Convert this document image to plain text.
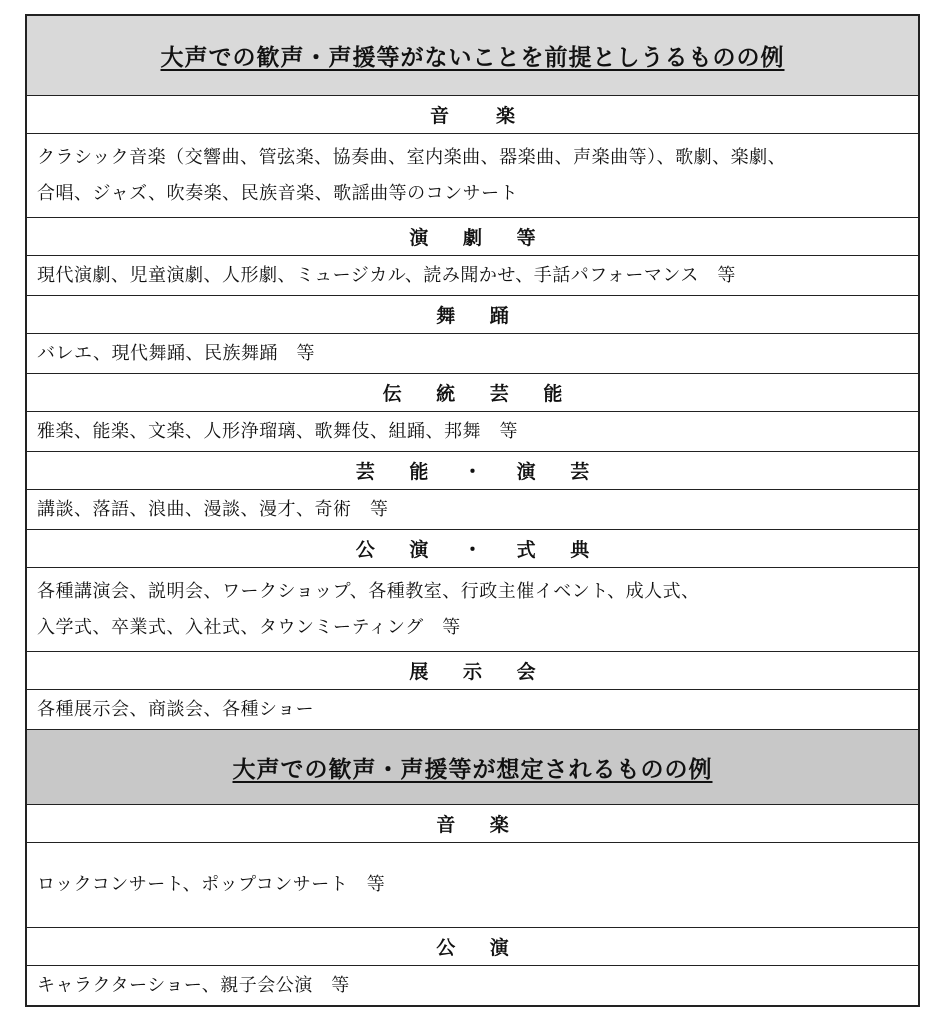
大声での歓声・声援等がないことを前提としうるものの例
音　楽
クラシック音楽（交響曲、管弦楽、協奏曲、室内楽曲、器楽曲、声楽曲等）、歌劇、楽劇、
合唱、ジャズ、吹奏楽、民族音楽、歌謡曲等のコンサート
演 劇 等
現代演劇、児童演劇、人形劇、ミュージカル、読み聞かせ、手話パフォーマンス　等
舞 踊
バレエ、現代舞踊、民族舞踊　等
伝 統 芸 能
雅楽、能楽、文楽、人形浄瑠璃、歌舞伎、組踊、邦舞　等
芸 能 ・ 演 芸
講談、落語、浪曲、漫談、漫才、奇術　等
公 演 ・ 式 典
各種講演会、説明会、ワークショップ、各種教室、行政主催イベント、成人式、
入学式、卒業式、入社式、タウンミーティング　等
展 示 会
各種展示会、商談会、各種ショー
大声での歓声・声援等が想定されるものの例
音 楽
ロックコンサート、ポップコンサート　等
公 演
キャラクターショー、親子会公演　等
